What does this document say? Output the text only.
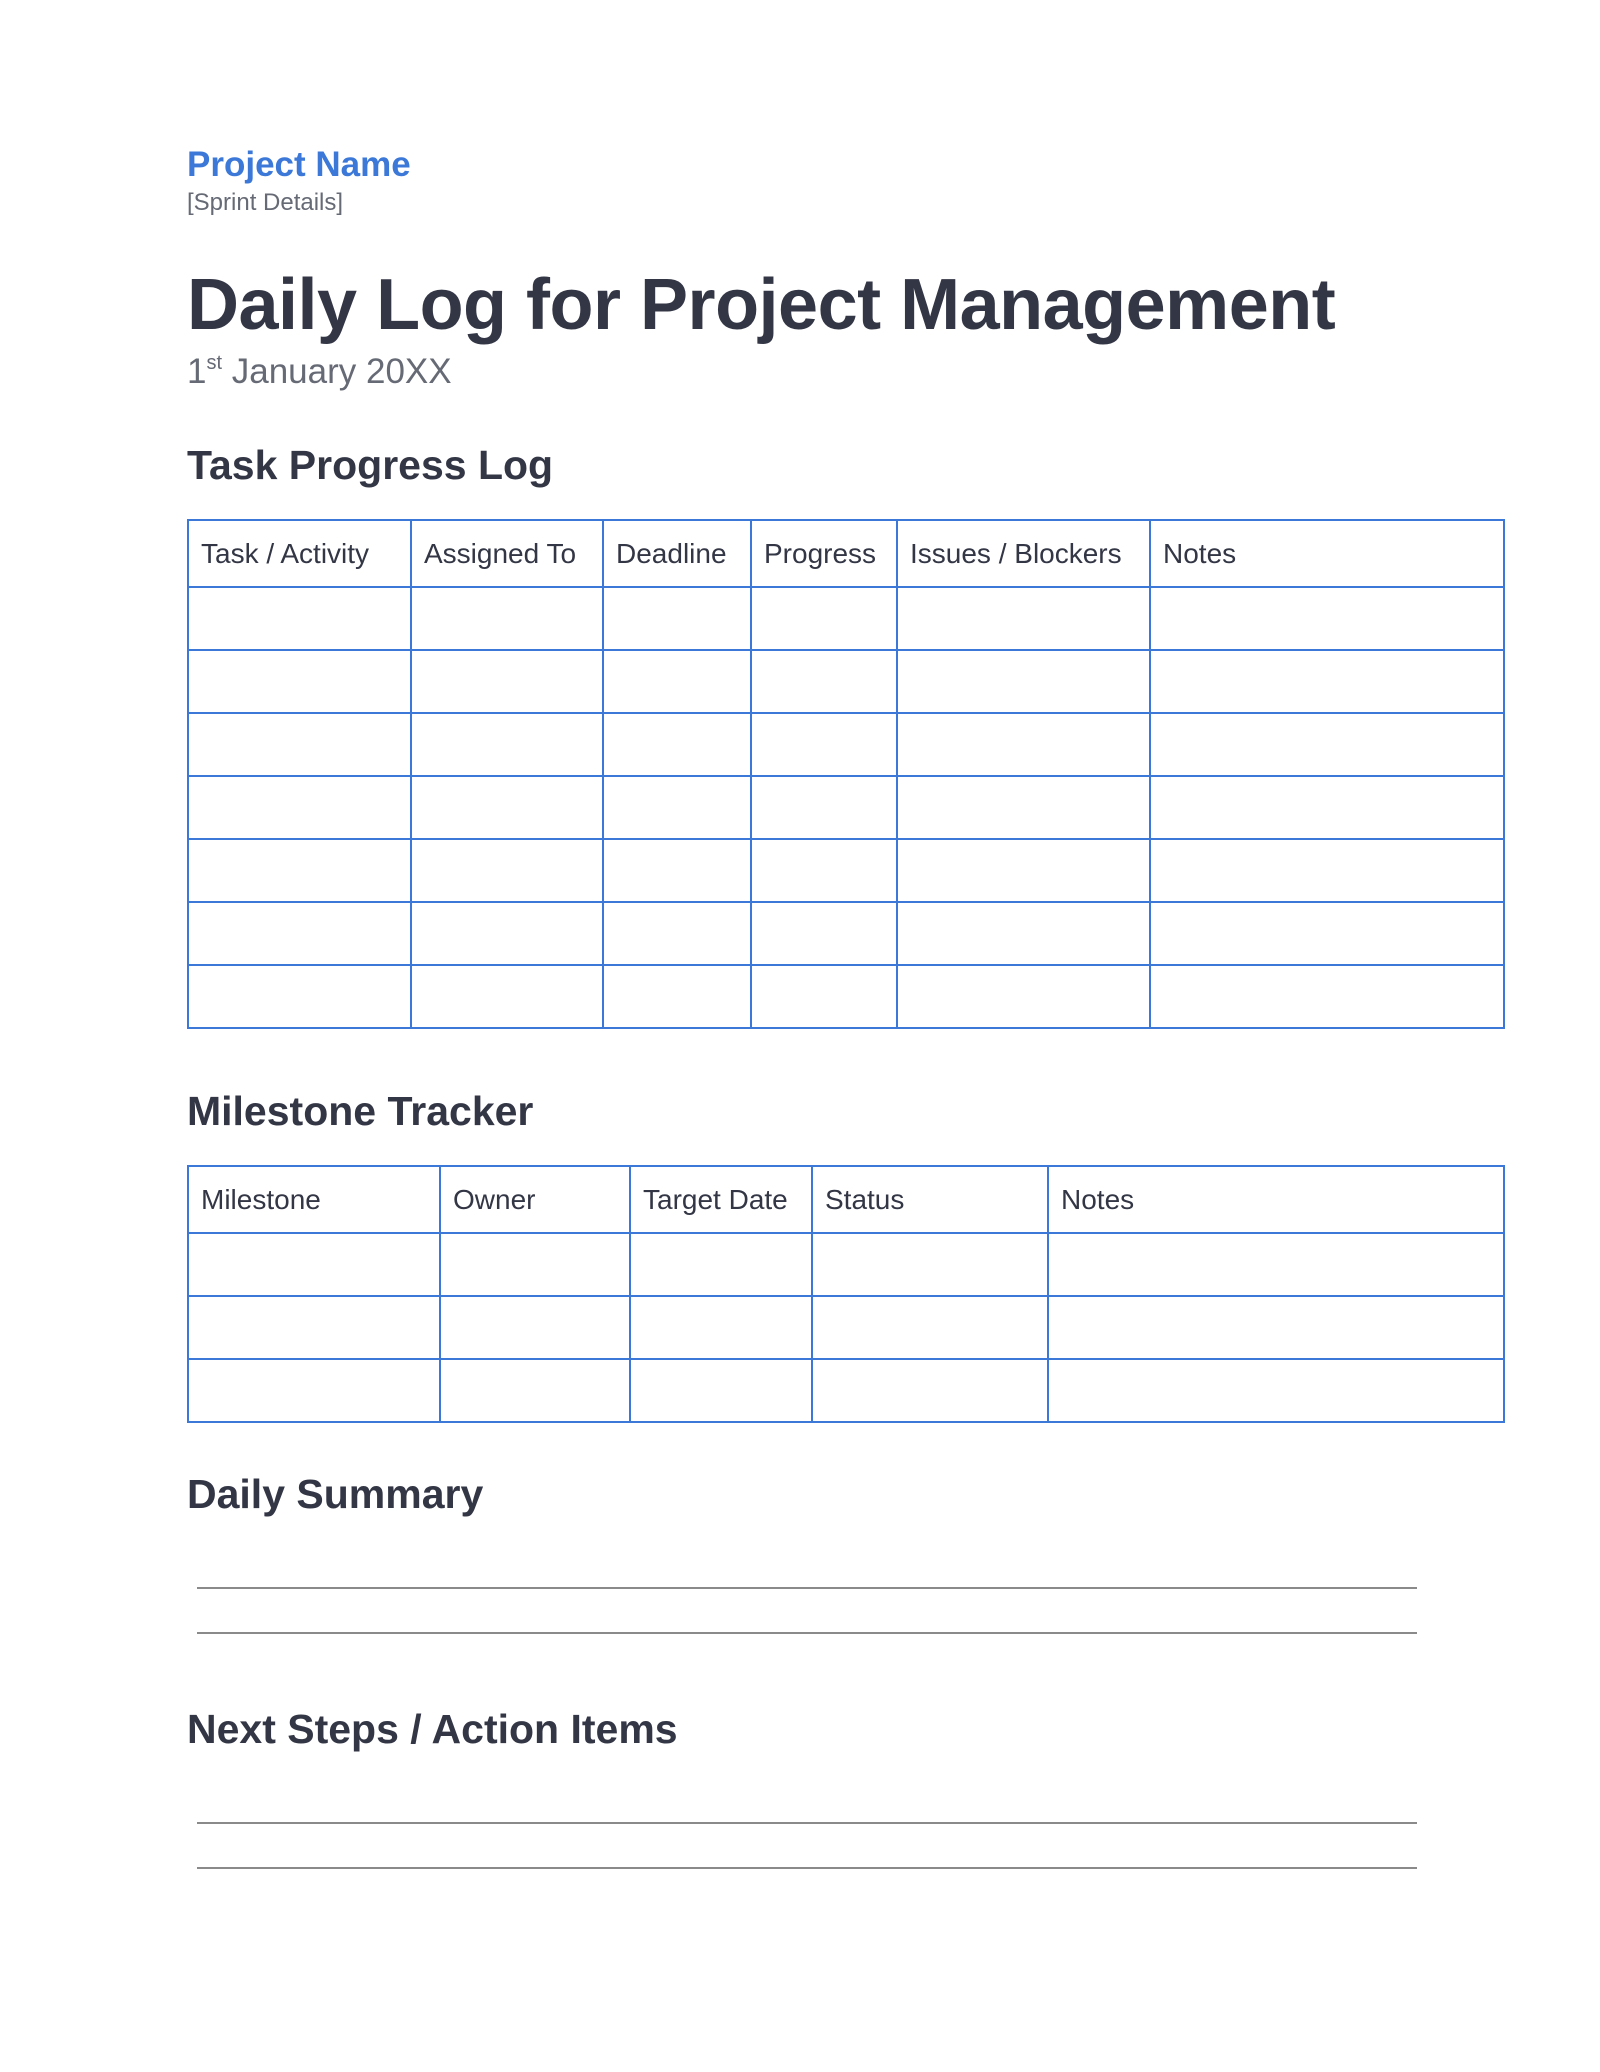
Project Name
[Sprint Details]
Daily Log for Project Management
1st January 20XX
Task Progress Log
Task / Activity	Assigned To	Deadline	Progress	Issues / Blockers	Notes

Milestone Tracker
Milestone	Owner	Target Date	Status	Notes

Daily Summary
Next Steps / Action Items
